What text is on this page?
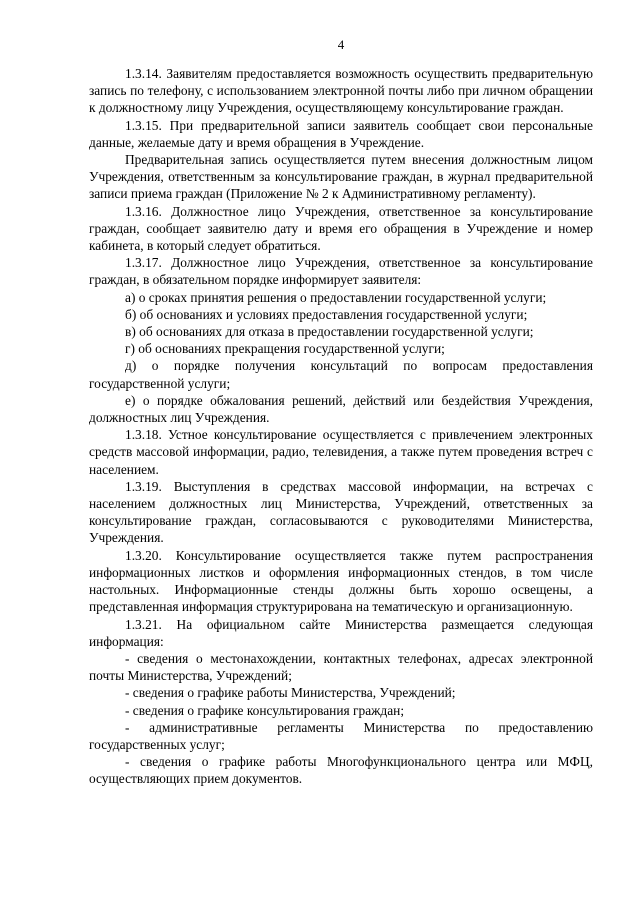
4

1.3.14. Заявителям предоставляется возможность осуществить предварительную запись по телефону, с использованием электронной почты либо при личном обращении к должностному лицу Учреждения, осуществляющему консультирование граждан.

1.3.15. При предварительной записи заявитель сообщает свои персональные данные, желаемые дату и время обращения в Учреждение.

Предварительная запись осуществляется путем внесения должностным лицом Учреждения, ответственным за консультирование граждан, в журнал предварительной записи приема граждан (Приложение № 2 к Административному регламенту).

1.3.16. Должностное лицо Учреждения, ответственное за консультирование граждан, сообщает заявителю дату и время его обращения в Учреждение и номер кабинета, в который следует обратиться.

1.3.17. Должностное лицо Учреждения, ответственное за консультирование граждан, в обязательном порядке информирует заявителя:

а) о сроках принятия решения о предоставлении государственной услуги;

б) об основаниях и условиях предоставления государственной услуги;

в) об основаниях для отказа в предоставлении государственной услуги;

г) об основаниях прекращения государственной услуги;

д) о порядке получения консультаций по вопросам предоставления государственной услуги;

е) о порядке обжалования решений, действий или бездействия Учреждения, должностных лиц Учреждения.

1.3.18. Устное консультирование осуществляется с привлечением электронных средств массовой информации, радио, телевидения, а также путем проведения встреч с населением.

1.3.19. Выступления в средствах массовой информации, на встречах с населением должностных лиц Министерства, Учреждений, ответственных за консультирование граждан, согласовываются с руководителями Министерства, Учреждения.

1.3.20. Консультирование осуществляется также путем распространения информационных листков и оформления информационных стендов, в том числе настольных. Информационные стенды должны быть хорошо освещены, а представленная информация структурирована на тематическую и организационную.

1.3.21. На официальном сайте Министерства размещается следующая информация:

- сведения о местонахождении, контактных телефонах, адресах электронной почты Министерства, Учреждений;

- сведения о графике работы Министерства, Учреждений;

- сведения о графике консультирования граждан;

- административные регламенты Министерства по предоставлению государственных услуг;

- сведения о графике работы Многофункционального центра или МФЦ, осуществляющих прием документов.
